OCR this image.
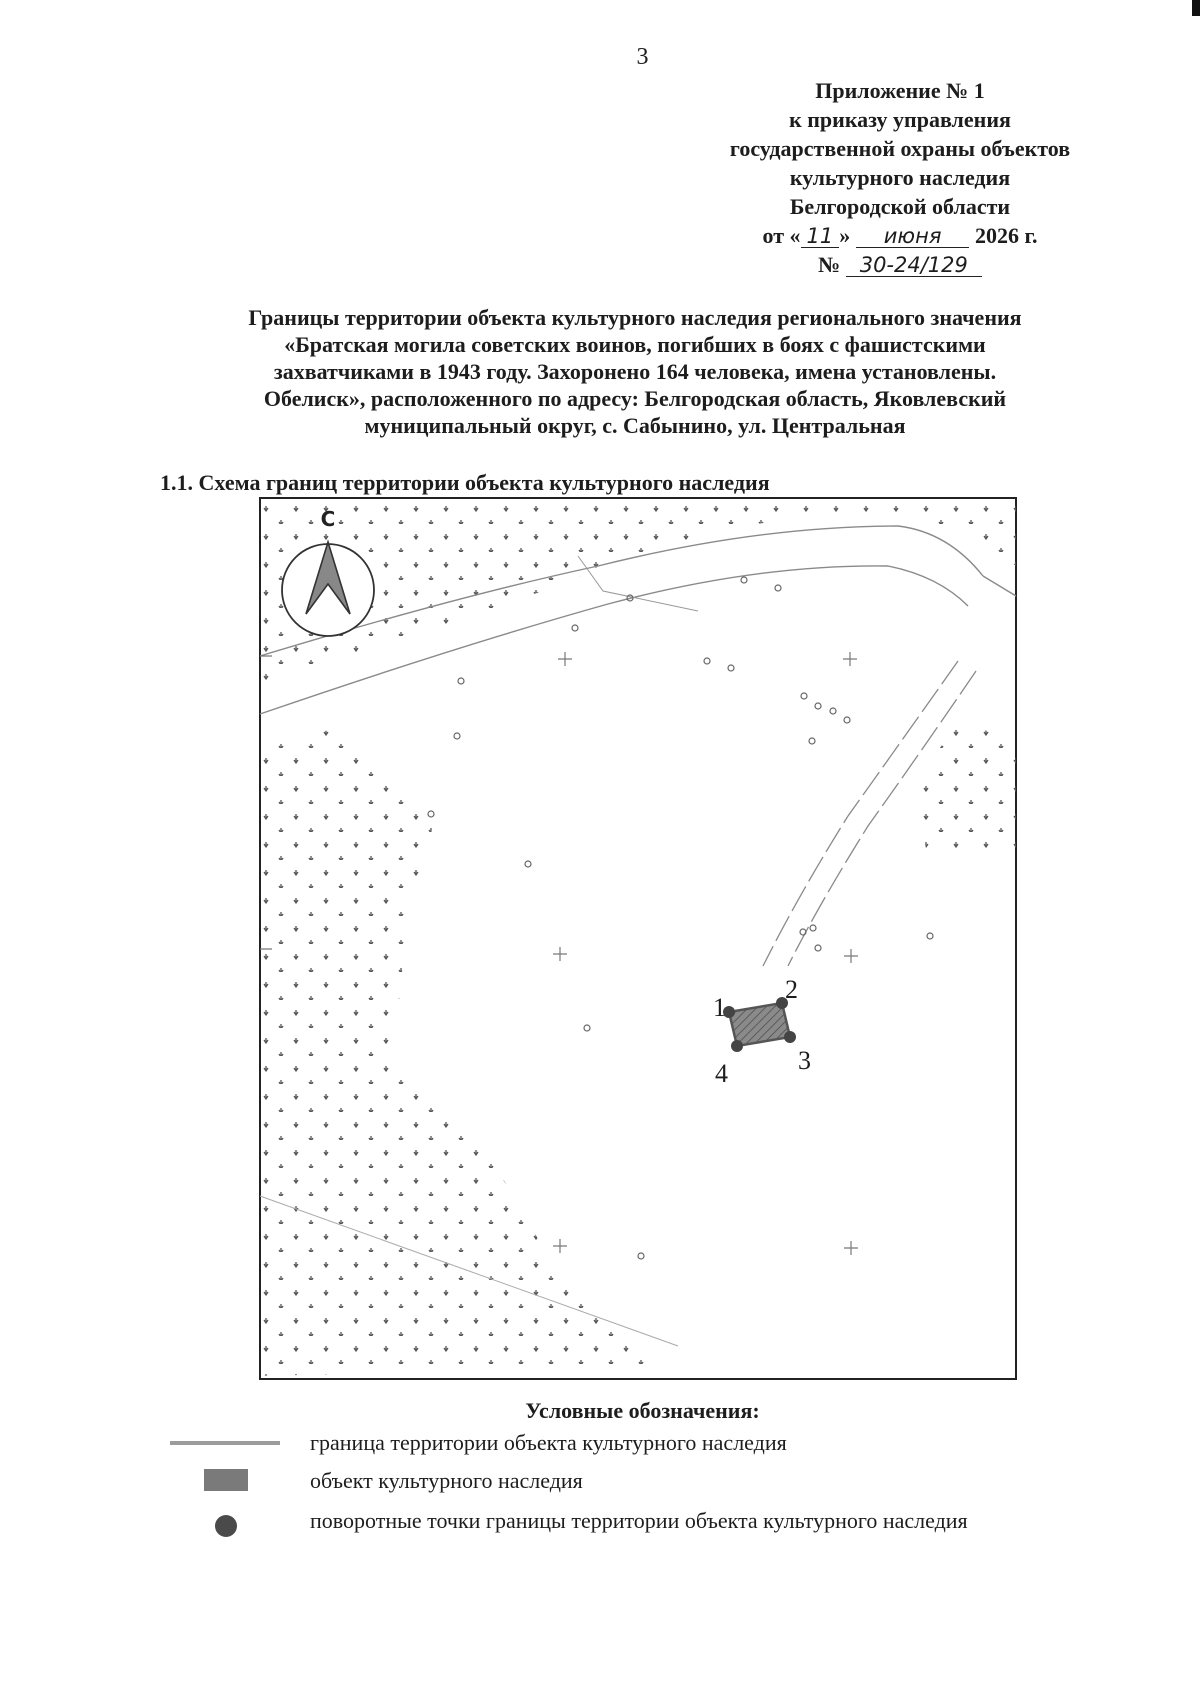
3
Приложение № 1
к приказу управления
государственной охраны объектов
культурного наследия
Белгородской области
от « 11 » июня 2026 г.
№ 30-24/129
Границы территории объекта культурного наследия регионального значения
«Братская могила советских воинов, погибших в боях с фашистскими
захватчиками в 1943 году. Захоронено 164 человека, имена установлены.
Обелиск», расположенного по адресу: Белгородская область, Яковлевский
муниципальный округ, с. Сабынино, ул. Центральная
1.1. Схема границ территории объекта культурного наследия
С
1
2
3
4
Условные обозначения:
граница территории объекта культурного наследия
объект культурного наследия
поворотные точки границы территории объекта культурного наследия
